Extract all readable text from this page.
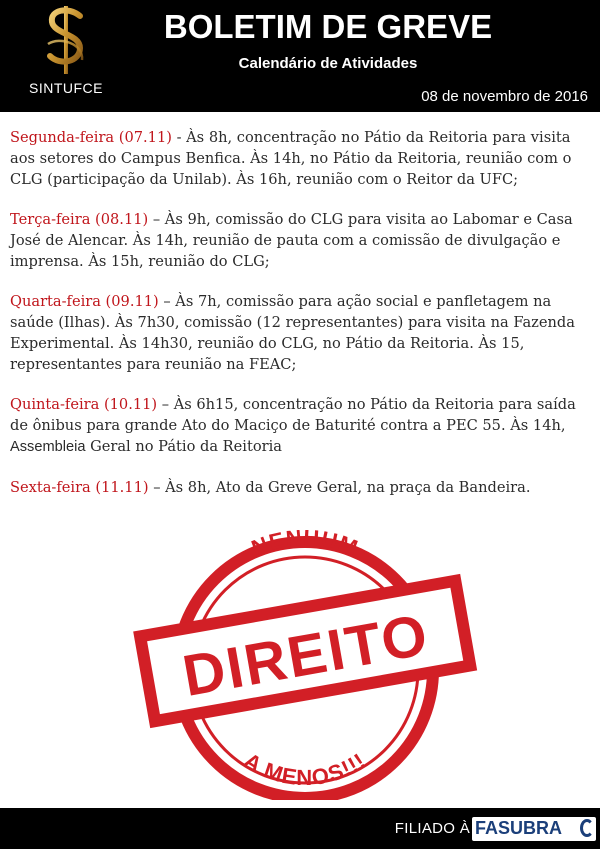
SINTUFCE
BOLETIM DE GREVE
Calendário de Atividades
08 de novembro de 2016

Segunda-feira (07.11) - Às 8h, concentração no Pátio da Reitoria para visita aos setores do Campus Benfica. Às 14h, no Pátio da Reitoria, reunião com o CLG (participação da Unilab). Às 16h, reunião com o Reitor da UFC;

Terça-feira (08.11) – Às 9h, comissão do CLG para visita ao Labomar e Casa José de Alencar. Às 14h, reunião de pauta com a comissão de divulgação e imprensa. Às 15h, reunião do CLG;

Quarta-feira (09.11) – Às 7h, comissão para ação social e panfletagem na saúde (Ilhas). Às 7h30, comissão (12 representantes) para visita na Fazenda Experimental. Às 14h30, reunião do CLG, no Pátio da Reitoria. Às 15, representantes para reunião na FEAC;

Quinta-feira (10.11) – Às 6h15, concentração no Pátio da Reitoria para saída de ônibus para grande Ato do Maciço de Baturité contra a PEC 55. Às 14h, Assembleia Geral no Pátio da Reitoria

Sexta-feira (11.11) – Às 8h, Ato da Greve Geral, na praça da Bandeira.

NENHUM
A MENOS!!!
DIREITO
FILIADO À FASUBRA
